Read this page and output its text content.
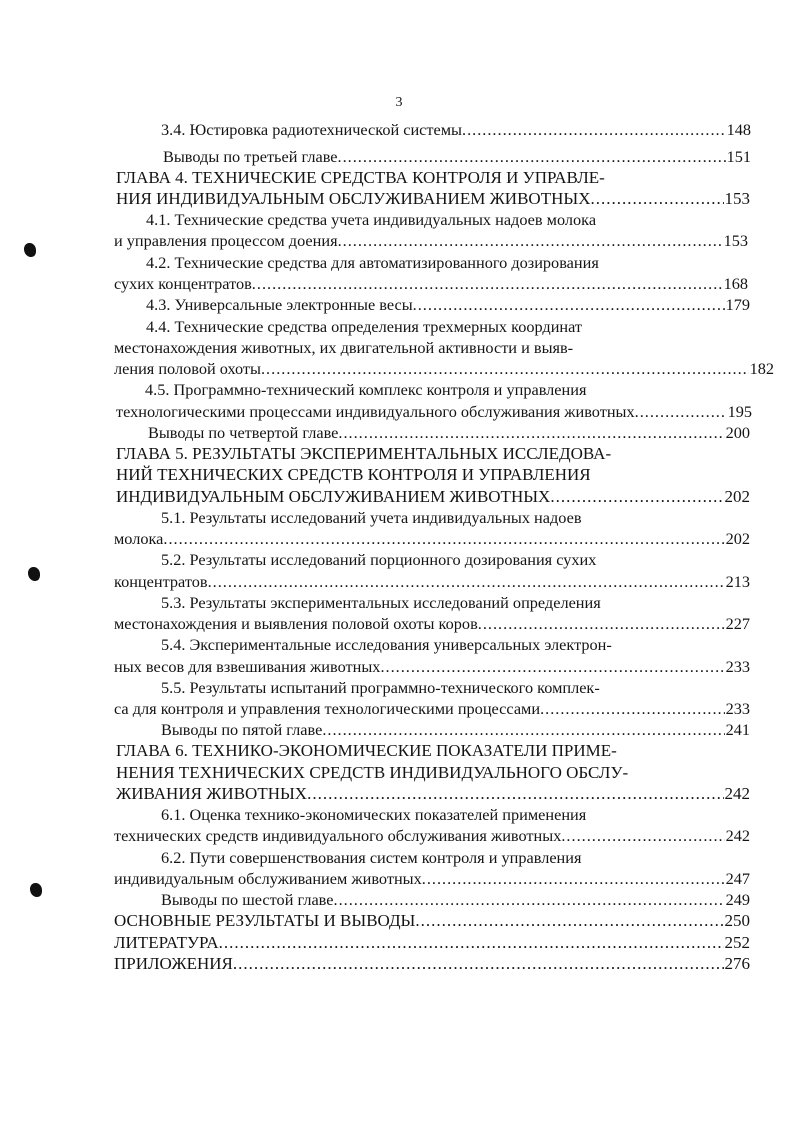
3
3.4. Юстировка радиотехнической системы	148
.....
Выводы по третьей главе	151
.....
ГЛАВА 4. ТЕХНИЧЕСКИЕ СРЕДСТВА КОНТРОЛЯ И УПРАВЛЕ-
НИЯ ИНДИВИДУАЛЬНЫМ ОБСЛУЖИВАНИЕМ ЖИВОТНЫХ	153
.....
4.1. Технические средства учета индивидуальных надоев молока
и управления процессом доения	153
.....
4.2. Технические средства для автоматизированного дозирования
сухих концентратов	168
.....
4.3. Универсальные электронные весы	179
.....
4.4. Технические средства определения трехмерных координат
местонахождения животных, их двигательной активности и выяв-
ления половой охоты	182
.....
4.5. Программно-технический комплекс контроля и управления
технологическими процессами индивидуального обслуживания животных	195
.....
Выводы по четвертой главе	200
.....
ГЛАВА 5. РЕЗУЛЬТАТЫ ЭКСПЕРИМЕНТАЛЬНЫХ ИССЛЕДОВА-
НИЙ ТЕХНИЧЕСКИХ СРЕДСТВ КОНТРОЛЯ И УПРАВЛЕНИЯ
ИНДИВИДУАЛЬНЫМ ОБСЛУЖИВАНИЕМ ЖИВОТНЫХ	202
.....
5.1. Результаты исследований учета индивидуальных надоев
молока	202
.....
5.2. Результаты исследований порционного дозирования сухих
концентратов	213
.....
5.3. Результаты экспериментальных исследований определения
местонахождения и выявления половой охоты коров	227
.....
5.4. Экспериментальные исследования универсальных электрон-
ных весов для взвешивания животных	233
.....
5.5. Результаты испытаний программно-технического комплек-
са для контроля и управления технологическими процессами	233
.....
Выводы по пятой главе	241
.....
ГЛАВА 6. ТЕХНИКО-ЭКОНОМИЧЕСКИЕ ПОКАЗАТЕЛИ ПРИМЕ-
НЕНИЯ ТЕХНИЧЕСКИХ СРЕДСТВ ИНДИВИДУАЛЬНОГО ОБСЛУ-
ЖИВАНИЯ ЖИВОТНЫХ	242
.....
6.1. Оценка технико-экономических показателей применения
технических средств индивидуального обслуживания животных	242
.....
6.2. Пути совершенствования систем контроля и управления
индивидуальным обслуживанием животных	247
.....
Выводы по шестой главе	249
.....
ОСНОВНЫЕ РЕЗУЛЬТАТЫ И ВЫВОДЫ	250
.....
ЛИТЕРАТУРА	252
.....
ПРИЛОЖЕНИЯ	276
.....
